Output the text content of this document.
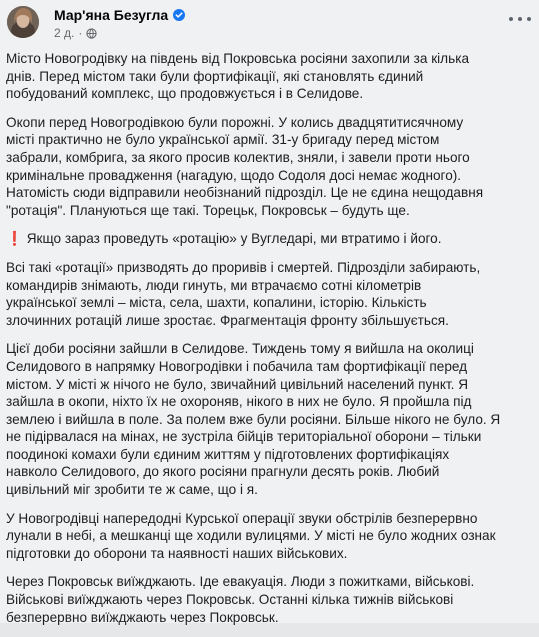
Мар'яна Безугла
2 д. ·

Місто Новогродівку на південь від Покровська росіяни захопили за кілька
днів. Перед містом таки були фортифікації, які становлять єдиний
побудований комплекс, що продовжується і в Селидове.

Окопи перед Новогродівкою були порожні. У колись двадцятитисячному
місті практично не було української армії. 31-у бригаду перед містом
забрали, комбрига, за якого просив колектив, зняли, і завели проти нього
кримінальне провадження (нагадую, щодо Содоля досі немає жодного).
Натомість сюди відправили необізнаний підрозділ. Це не єдина нещодавня
"ротація". Плануються ще такі. Торецьк, Покровськ – будуть ще.

❗ Якщо зараз проведуть «ротацію» у Вугледарі, ми втратимо і його.

Всі такі «ротації» призводять до проривів і смертей. Підрозділи забирають,
командирів знімають, люди гинуть, ми втрачаємо сотні кілометрів
української землі – міста, села, шахти, копалини, історію. Кількість
злочинних ротацій лише зростає. Фрагментація фронту збільшується.

Цієї доби росіяни зайшли в Селидове. Тиждень тому я вийшла на околиці
Селидового в напрямку Новогродівки і побачила там фортифікації перед
містом. У місті ж нічого не було, звичайний цивільний населений пункт. Я
зайшла в окопи, ніхто їх не охороняв, нікого в них не було. Я пройшла під
землею і вийшла в поле. За полем вже були росіяни. Більше нікого не було. Я
не підірвалася на мінах, не зустріла бійців територіальної оборони – тільки
поодинокі комахи були єдиним життям у підготовлених фортифікаціях
навколо Селидового, до якого росіяни прагнули десять років. Любий
цивільний міг зробити те ж саме, що і я.

У Новогродівці напередодні Курської операції звуки обстрілів безперервно
лунали в небі, а мешканці ще ходили вулицями. У місті не було жодних ознак
підготовки до оборони та наявності наших військових.

Через Покровськ виїжджають. Іде евакуація. Люди з пожитками, військові.
Військові виїжджають через Покровськ. Останні кілька тижнів військові
безперервно виїжджають через Покровськ.
